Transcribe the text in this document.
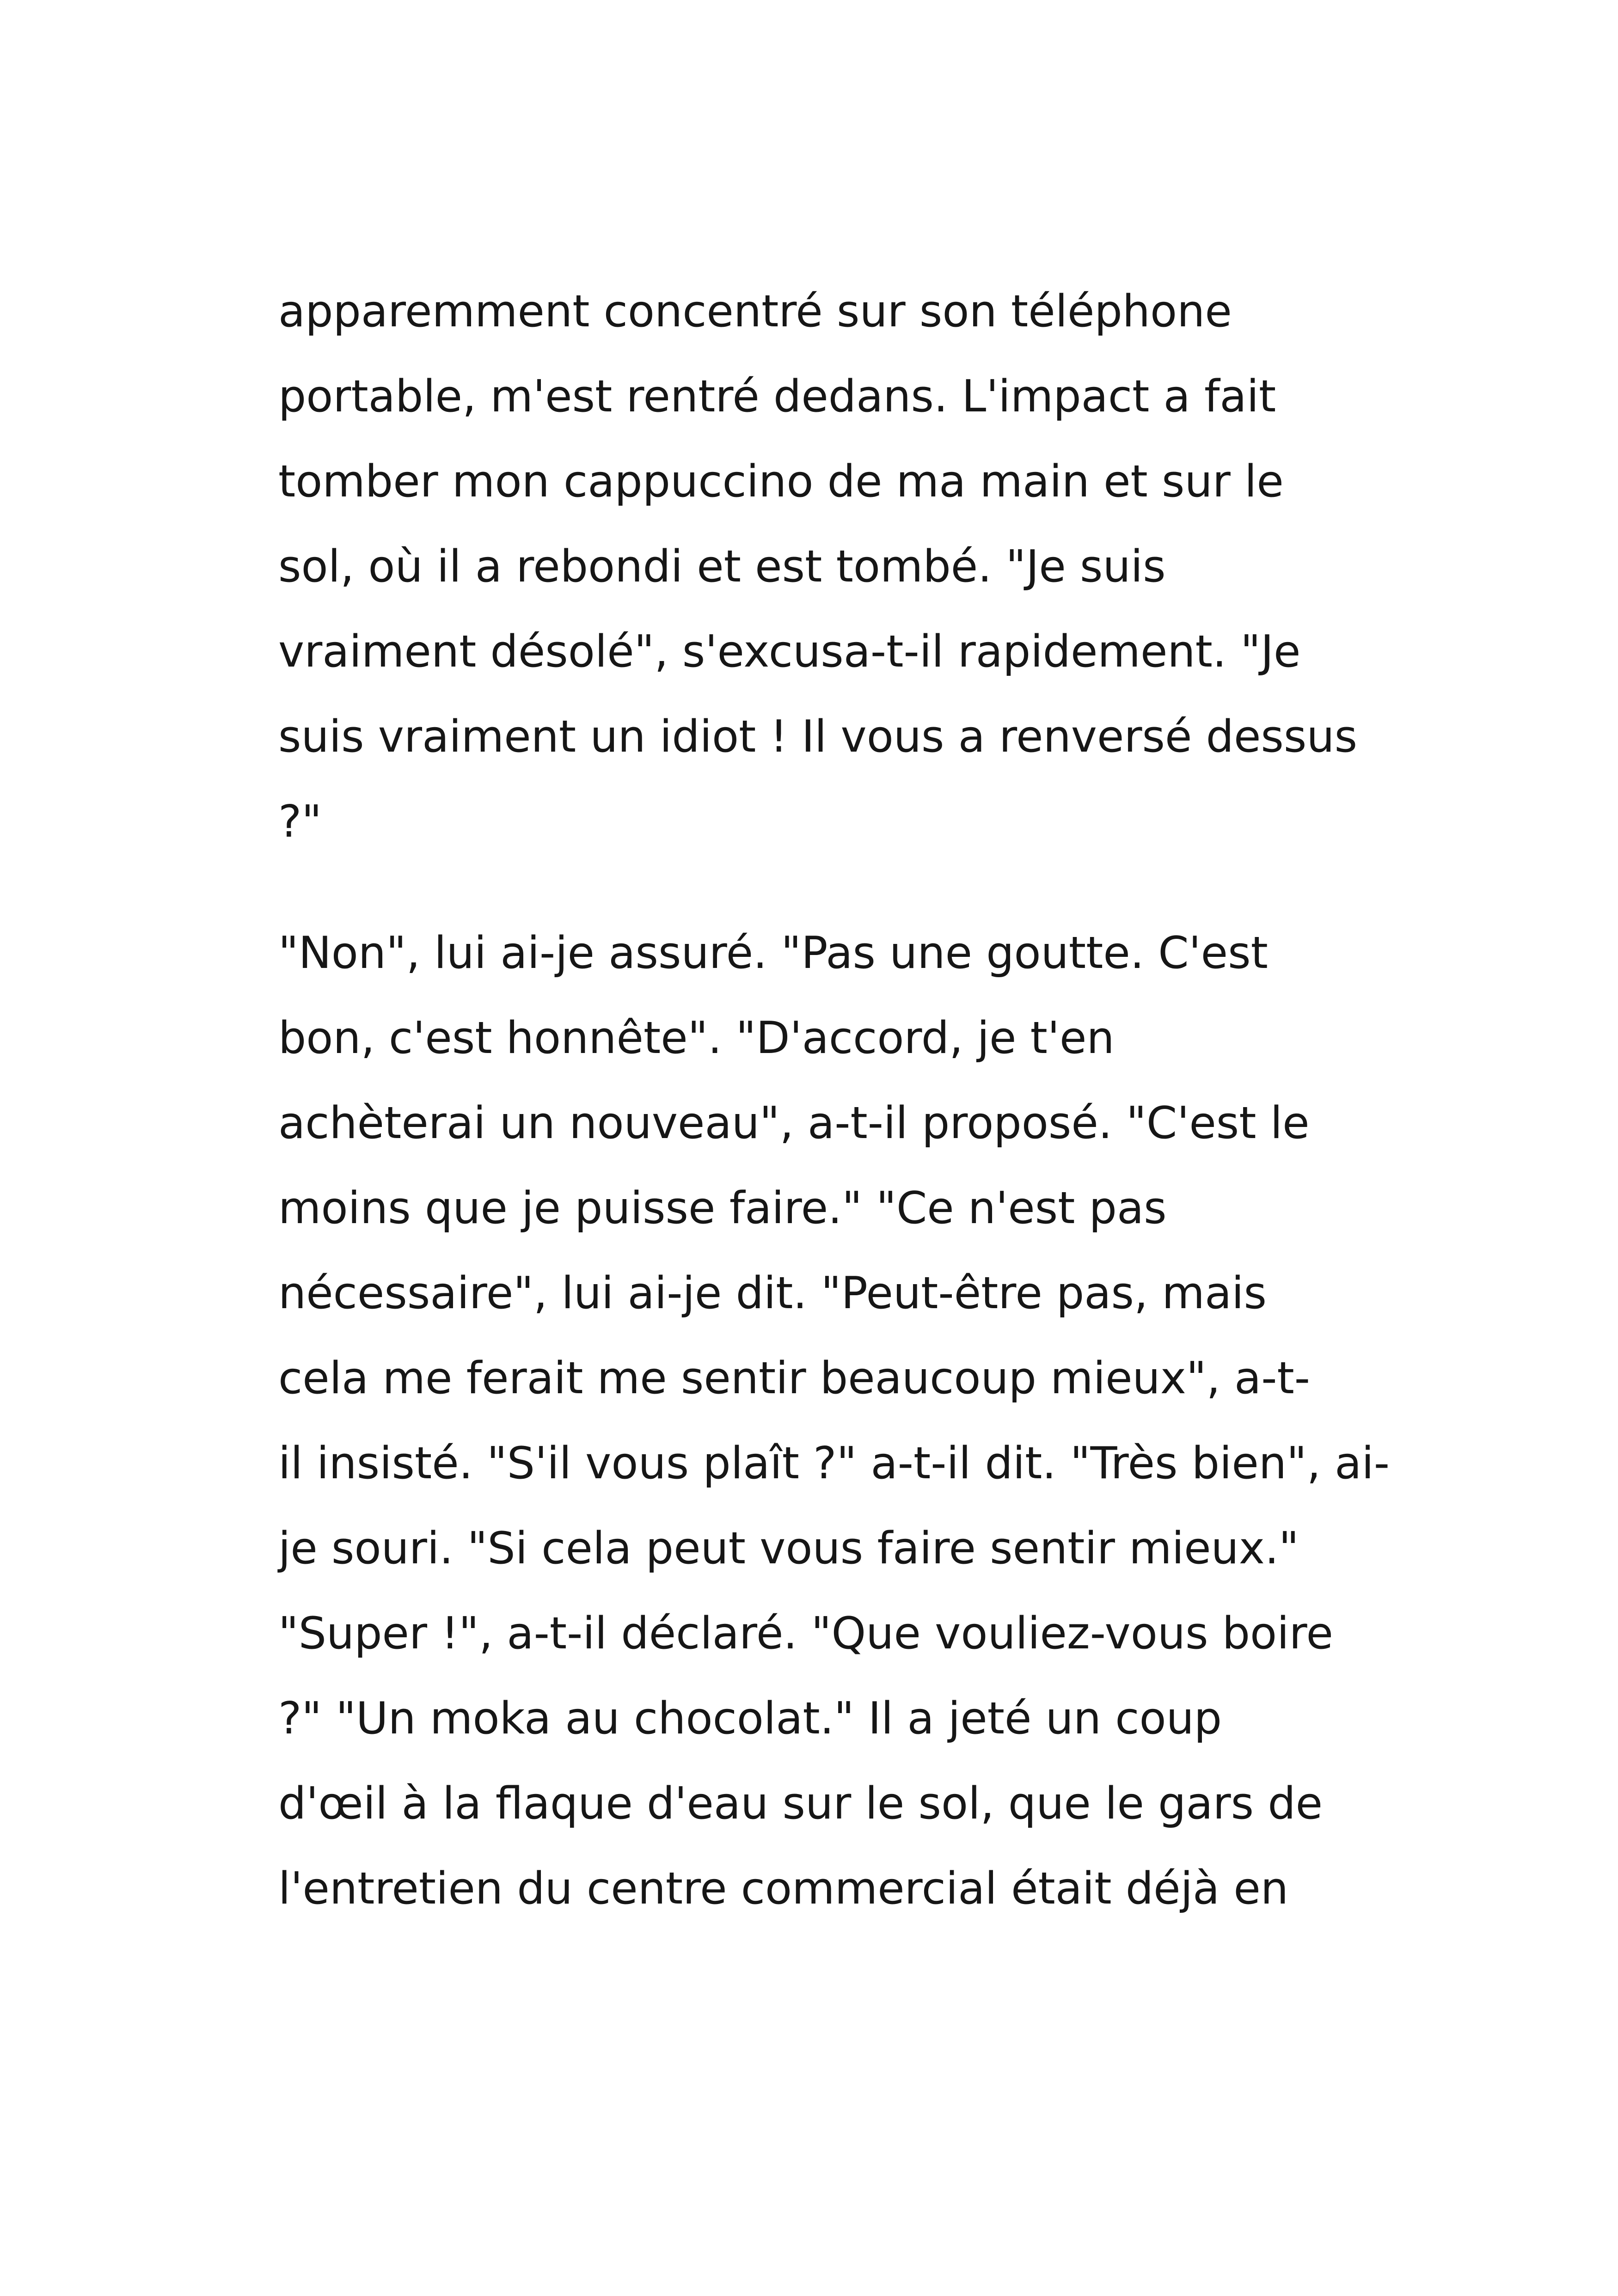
apparemment concentré sur son téléphone
portable, m'est rentré dedans. L'impact a fait
tomber mon cappuccino de ma main et sur le
sol, où il a rebondi et est tombé. "Je suis
vraiment désolé", s'excusa-t-il rapidement. "Je
suis vraiment un idiot ! Il vous a renversé dessus
?"
"Non", lui ai-je assuré. "Pas une goutte. C'est
bon, c'est honnête". "D'accord, je t'en
achèterai un nouveau", a-t-il proposé. "C'est le
moins que je puisse faire." "Ce n'est pas
nécessaire", lui ai-je dit. "Peut-être pas, mais
cela me ferait me sentir beaucoup mieux", a-t-
il insisté. "S'il vous plaît ?" a-t-il dit. "Très bien", ai-
je souri. "Si cela peut vous faire sentir mieux."
"Super !", a-t-il déclaré. "Que vouliez-vous boire
?" "Un moka au chocolat." Il a jeté un coup
d'œil à la flaque d'eau sur le sol, que le gars de
l'entretien du centre commercial était déjà en
